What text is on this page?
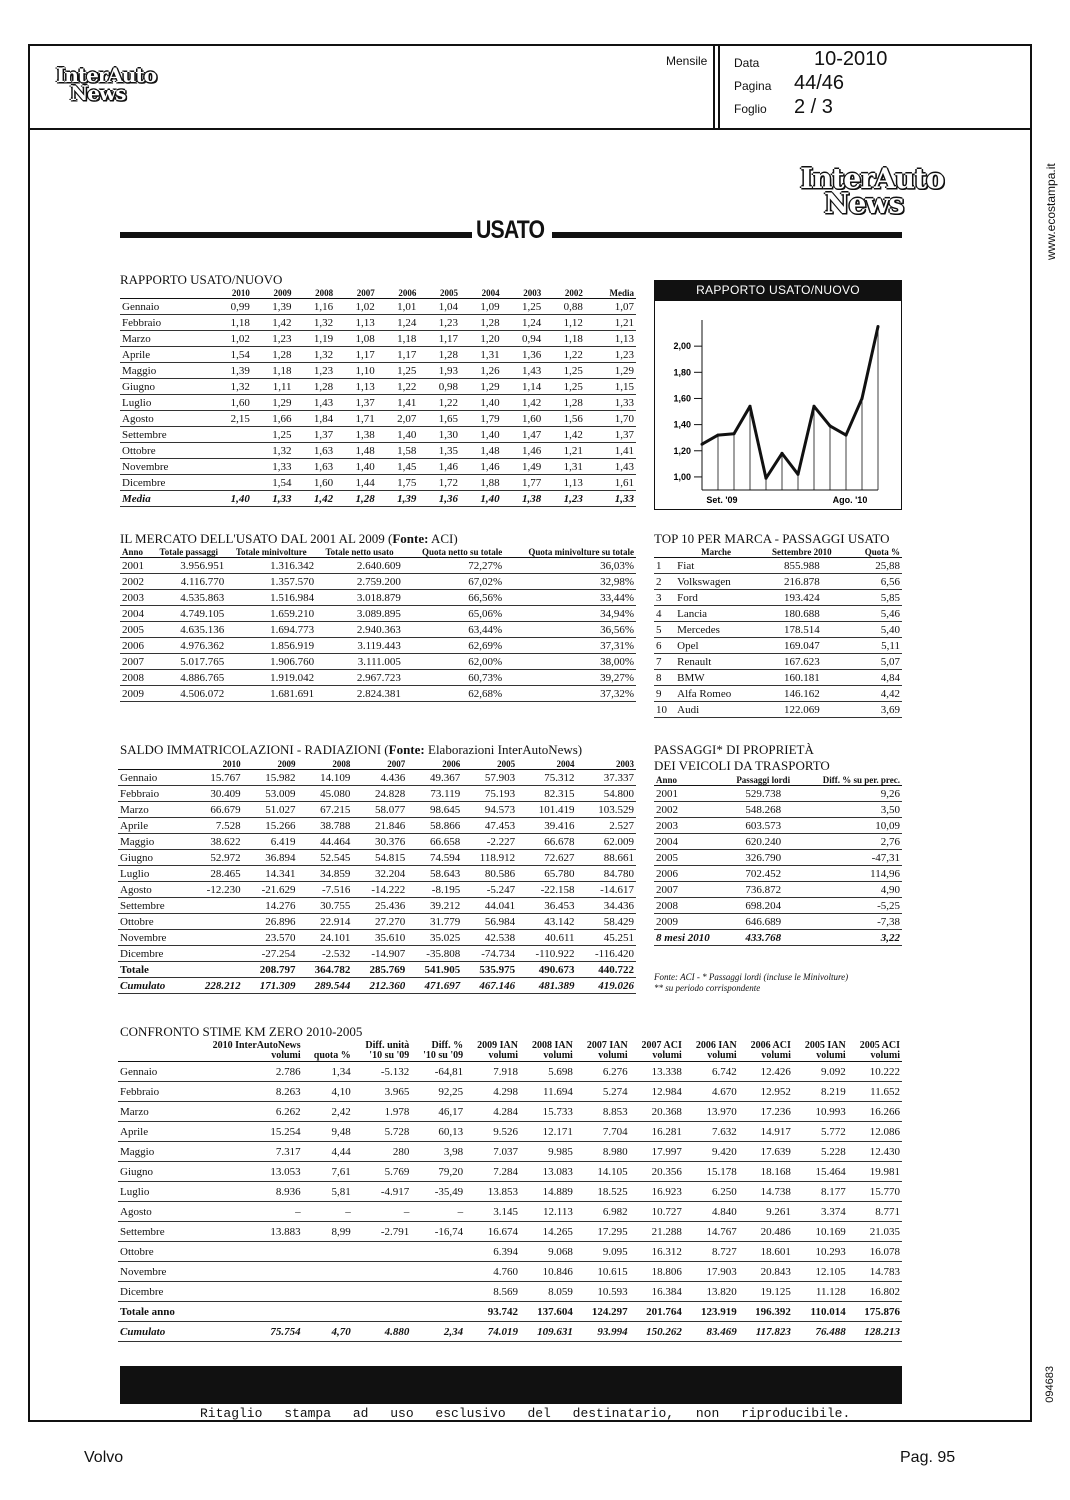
InterAuto
News
Mensile Data	10-2010
Pagina 44/46
Foglio 2 / 3
www.ecostampa.it
094683
InterAuto
News
USATO
RAPPORTO USATO/NUOVO
	2010	2009	2008	2007	2006	2005	2004	2003	2002	Media
Gennaio	0,99	1,39	1,16	1,02	1,01	1,04	1,09	1,25	0,88	1,07
Febbraio	1,18	1,42	1,32	1,13	1,24	1,23	1,28	1,24	1,12	1,21
Marzo	1,02	1,23	1,19	1,08	1,18	1,17	1,20	0,94	1,18	1,13
Aprile	1,54	1,28	1,32	1,17	1,17	1,28	1,31	1,36	1,22	1,23
Maggio	1,39	1,18	1,23	1,10	1,25	1,93	1,26	1,43	1,25	1,29
Giugno	1,32	1,11	1,28	1,13	1,22	0,98	1,29	1,14	1,25	1,15
Luglio	1,60	1,29	1,43	1,37	1,41	1,22	1,40	1,42	1,28	1,33
Agosto	2,15	1,66	1,84	1,71	2,07	1,65	1,79	1,60	1,56	1,70
Settembre		1,25	1,37	1,38	1,40	1,30	1,40	1,47	1,42	1,37
Ottobre		1,32	1,63	1,48	1,58	1,35	1,48	1,46	1,21	1,41
Novembre		1,33	1,63	1,40	1,45	1,46	1,46	1,49	1,31	1,43
Dicembre		1,54	1,60	1,44	1,75	1,72	1,88	1,77	1,13	1,61
Media	1,40	1,33	1,42	1,28	1,39	1,36	1,40	1,38	1,23	1,33
RAPPORTO USATO/NUOVO
2,00
1,80
1,60
1,40
1,20
1,00
Set. '09	Ago. '10
IL MERCATO DELL'USATO DAL 2001 AL 2009 (Fonte: ACI)
Anno	Totale passaggi	Totale minivolture	Totale netto usato	Quota netto su totale	Quota minivolture su totale
2001	3.956.951	1.316.342	2.640.609	72,27%	36,03%
2002	4.116.770	1.357.570	2.759.200	67,02%	32,98%
2003	4.535.863	1.516.984	3.018.879	66,56%	33,44%
2004	4.749.105	1.659.210	3.089.895	65,06%	34,94%
2005	4.635.136	1.694.773	2.940.363	63,44%	36,56%
2006	4.976.362	1.856.919	3.119.443	62,69%	37,31%
2007	5.017.765	1.906.760	3.111.005	62,00%	38,00%
2008	4.886.765	1.919.042	2.967.723	60,73%	39,27%
2009	4.506.072	1.681.691	2.824.381	62,68%	37,32%
TOP 10 PER MARCA - PASSAGGI USATO
	Marche	Settembre 2010	Quota %
1	Fiat	855.988	25,88
2	Volkswagen	216.878	6,56
3	Ford	193.424	5,85
4	Lancia	180.688	5,46
5	Mercedes	178.514	5,40
6	Opel	169.047	5,11
7	Renault	167.623	5,07
8	BMW	160.181	4,84
9	Alfa Romeo	146.162	4,42
10	Audi	122.069	3,69
SALDO IMMATRICOLAZIONI - RADIAZIONI (Fonte: Elaborazioni InterAutoNews)
	2010	2009	2008	2007	2006	2005	2004	2003
Gennaio	15.767	15.982	14.109	4.436	49.367	57.903	75.312	37.337
Febbraio	30.409	53.009	45.080	24.828	73.119	75.193	82.315	54.800
Marzo	66.679	51.027	67.215	58.077	98.645	94.573	101.419	103.529
Aprile	7.528	15.266	38.788	21.846	58.866	47.453	39.416	2.527
Maggio	38.622	6.419	44.464	30.376	66.658	-2.227	66.678	62.009
Giugno	52.972	36.894	52.545	54.815	74.594	118.912	72.627	88.661
Luglio	28.465	14.341	34.859	32.204	58.643	80.586	65.780	84.780
Agosto	-12.230	-21.629	-7.516	-14.222	-8.195	-5.247	-22.158	-14.617
Settembre		14.276	30.755	25.436	39.212	44.041	36.453	34.436
Ottobre		26.896	22.914	27.270	31.779	56.984	43.142	58.429
Novembre		23.570	24.101	35.610	35.025	42.538	40.611	45.251
Dicembre		-27.254	-2.532	-14.907	-35.808	-74.734	-110.922	-116.420
Totale		208.797	364.782	285.769	541.905	535.975	490.673	440.722
Cumulato	228.212	171.309	289.544	212.360	471.697	467.146	481.389	419.026
PASSAGGI* DI PROPRIETÀ
DEI VEICOLI DA TRASPORTO
Anno	Passaggi lordi	Diff. % su per. prec.
2001	529.738	9,26
2002	548.268	3,50
2003	603.573	10,09
2004	620.240	2,76
2005	326.790	-47,31
2006	702.452	114,96
2007	736.872	4,90
2008	698.204	-5,25
2009	646.689	-7,38
8 mesi 2010	433.768	3,22
Fonte: ACI - * Passaggi lordi (incluse le Minivolture)
** su periodo corrispondente
CONFRONTO STIME KM ZERO 2010-2005
	2010 InterAutoNews		Diff. unità	Diff. %	2009 IAN	2008 IAN	2007 IAN	2007 ACI	2006 IAN	2006 ACI	2005 IAN	2005 ACI
	volumi	quota %	'10 su '09	'10 su '09	volumi	volumi	volumi	volumi	volumi	volumi	volumi	volumi
Gennaio	2.786	1,34	-5.132	-64,81	7.918	5.698	6.276	13.338	6.742	12.426	9.092	10.222
Febbraio	8.263	4,10	3.965	92,25	4.298	11.694	5.274	12.984	4.670	12.952	8.219	11.652
Marzo	6.262	2,42	1.978	46,17	4.284	15.733	8.853	20.368	13.970	17.236	10.993	16.266
Aprile	15.254	9,48	5.728	60,13	9.526	12.171	7.704	16.281	7.632	14.917	5.772	12.086
Maggio	7.317	4,44	280	3,98	7.037	9.985	8.980	17.997	9.420	17.639	5.228	12.430
Giugno	13.053	7,61	5.769	79,20	7.284	13.083	14.105	20.356	15.178	18.168	15.464	19.981
Luglio	8.936	5,81	-4.917	-35,49	13.853	14.889	18.525	16.923	6.250	14.738	8.177	15.770
Agosto	–	–	–	–	3.145	12.113	6.982	10.727	4.840	9.261	3.374	8.771
Settembre	13.883	8,99	-2.791	-16,74	16.674	14.265	17.295	21.288	14.767	20.486	10.169	21.035
Ottobre					6.394	9.068	9.095	16.312	8.727	18.601	10.293	16.078
Novembre					4.760	10.846	10.615	18.806	17.903	20.843	12.105	14.783
Dicembre					8.569	8.059	10.593	16.384	13.820	19.125	11.128	16.802
Totale anno					93.742	137.604	124.297	201.764	123.919	196.392	110.014	175.876
Cumulato	75.754	4,70	4.880	2,34	74.019	109.631	93.994	150.262	83.469	117.823	76.488	128.213
Ritaglio stampa ad uso esclusivo del destinatario, non riproducibile.
Volvo	Pag. 95
